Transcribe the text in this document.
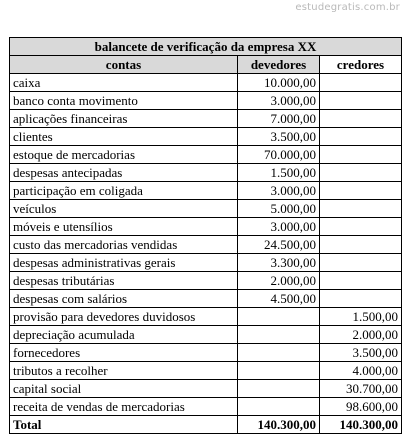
estudegratis.com.br
balancete de verificação da empresa XX		
contas	devedores	credores
caixa	10.000,00	
banco conta movimento	3.000,00	
aplicações financeiras	7.000,00	
clientes	3.500,00	
estoque de mercadorias	70.000,00	
despesas antecipadas	1.500,00	
participação em coligada	3.000,00	
veículos	5.000,00	
móveis e utensílios	3.000,00	
custo das mercadorias vendidas	24.500,00	
despesas administrativas gerais	3.300,00	
despesas tributárias	2.000,00	
despesas com salários	4.500,00	
provisão para devedores duvidosos		1.500,00
depreciação acumulada		2.000,00
fornecedores		3.500,00
tributos a recolher		4.000,00
capital social		30.700,00
receita de vendas de mercadorias		98.600,00
Total	140.300,00	140.300,00
